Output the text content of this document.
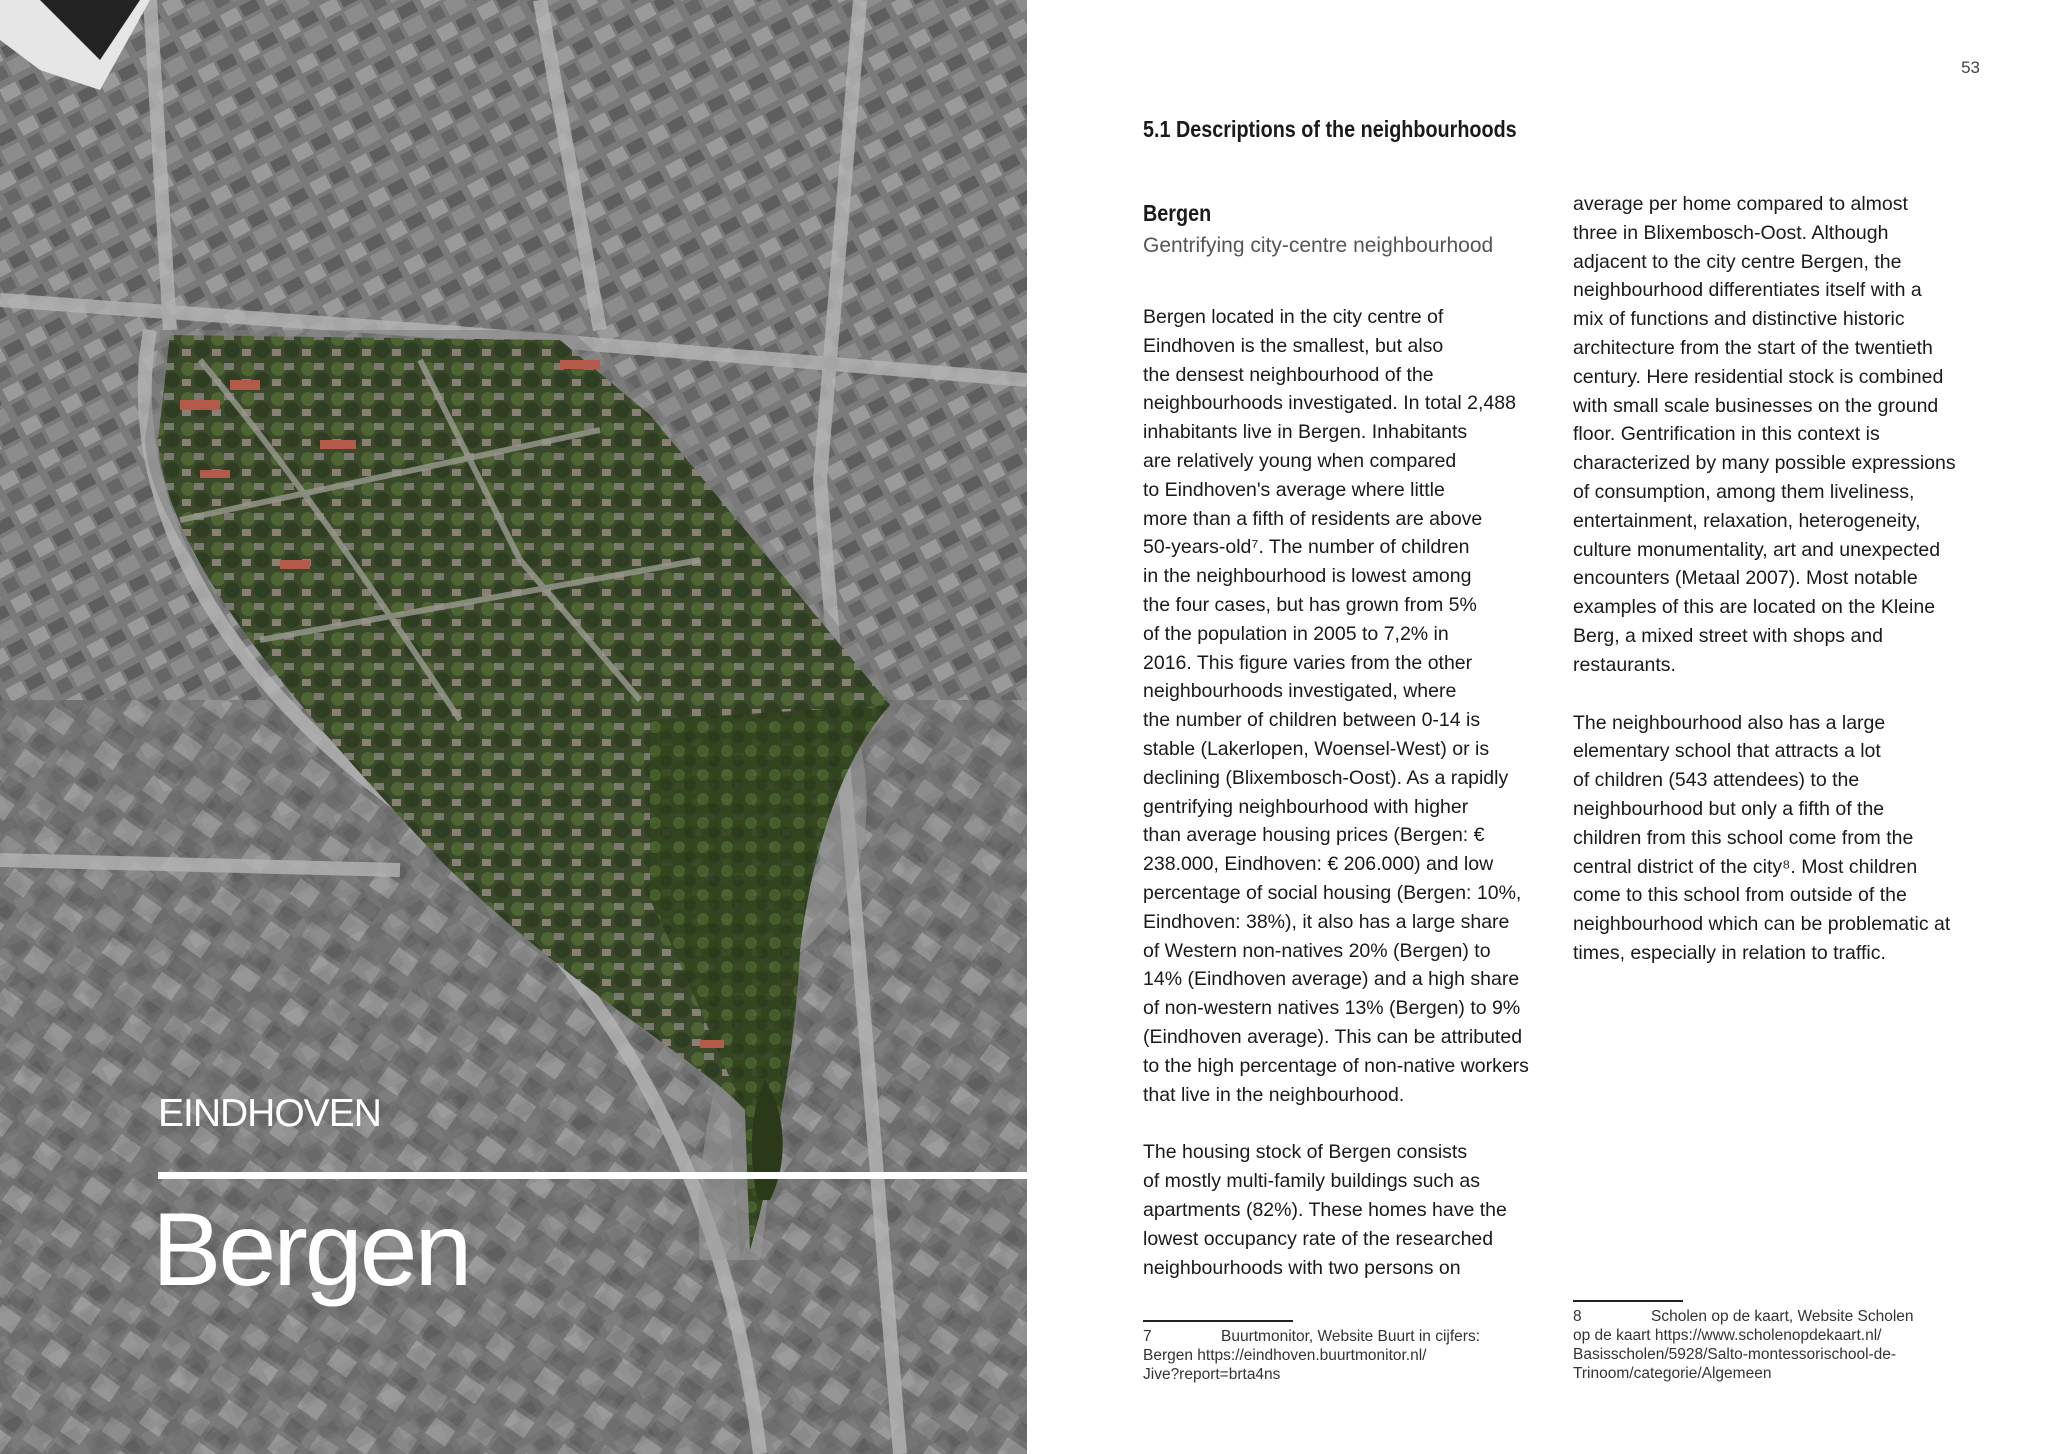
EINDHOVEN
Bergen
53
5.1 Descriptions of the neighbourhoods
Bergen
Gentrifying city-centre neighbourhood

Bergen located in the city centre of
Eindhoven is the smallest, but also
the densest neighbourhood of the
neighbourhoods investigated. In total 2,488
inhabitants live in Bergen. Inhabitants
are relatively young when compared
to Eindhoven's average where little
more than a fifth of residents are above
50-years-old⁷. The number of children
in the neighbourhood is lowest among
the four cases, but has grown from 5%
of the population in 2005 to 7,2% in
2016. This figure varies from the other
neighbourhoods investigated, where
the number of children between 0-14 is
stable (Lakerlopen, Woensel-West) or is
declining (Blixembosch-Oost). As a rapidly
gentrifying neighbourhood with higher
than average housing prices (Bergen: €
238.000, Eindhoven: € 206.000) and low
percentage of social housing (Bergen: 10%,
Eindhoven: 38%), it also has a large share
of Western non-natives 20% (Bergen) to
14% (Eindhoven average) and a high share
of non-western natives 13% (Bergen) to 9%
(Eindhoven average). This can be attributed
to the high percentage of non-native workers
that live in the neighbourhood.

The housing stock of Bergen consists
of mostly multi-family buildings such as
apartments (82%). These homes have the
lowest occupancy rate of the researched
neighbourhoods with two persons on

average per home compared to almost
three in Blixembosch-Oost. Although
adjacent to the city centre Bergen, the
neighbourhood differentiates itself with a
mix of functions and distinctive historic
architecture from the start of the twentieth
century. Here residential stock is combined
with small scale businesses on the ground
floor. Gentrification in this context is
characterized by many possible expressions
of consumption, among them liveliness,
entertainment, relaxation, heterogeneity,
culture monumentality, art and unexpected
encounters (Metaal 2007). Most notable
examples of this are located on the Kleine
Berg, a mixed street with shops and
restaurants.

The neighbourhood also has a large
elementary school that attracts a lot
of children (543 attendees) to the
neighbourhood but only a fifth of the
children from this school come from the
central district of the city⁸. Most children
come to this school from outside of the
neighbourhood which can be problematic at
times, especially in relation to traffic.

7	Buurtmonitor, Website Buurt in cijfers:
Bergen https://eindhoven.buurtmonitor.nl/
Jive?report=brta4ns
8	Scholen op de kaart, Website Scholen
op de kaart https://www.scholenopdekaart.nl/
Basisscholen/5928/Salto-montessorischool-de-
Trinoom/categorie/Algemeen
